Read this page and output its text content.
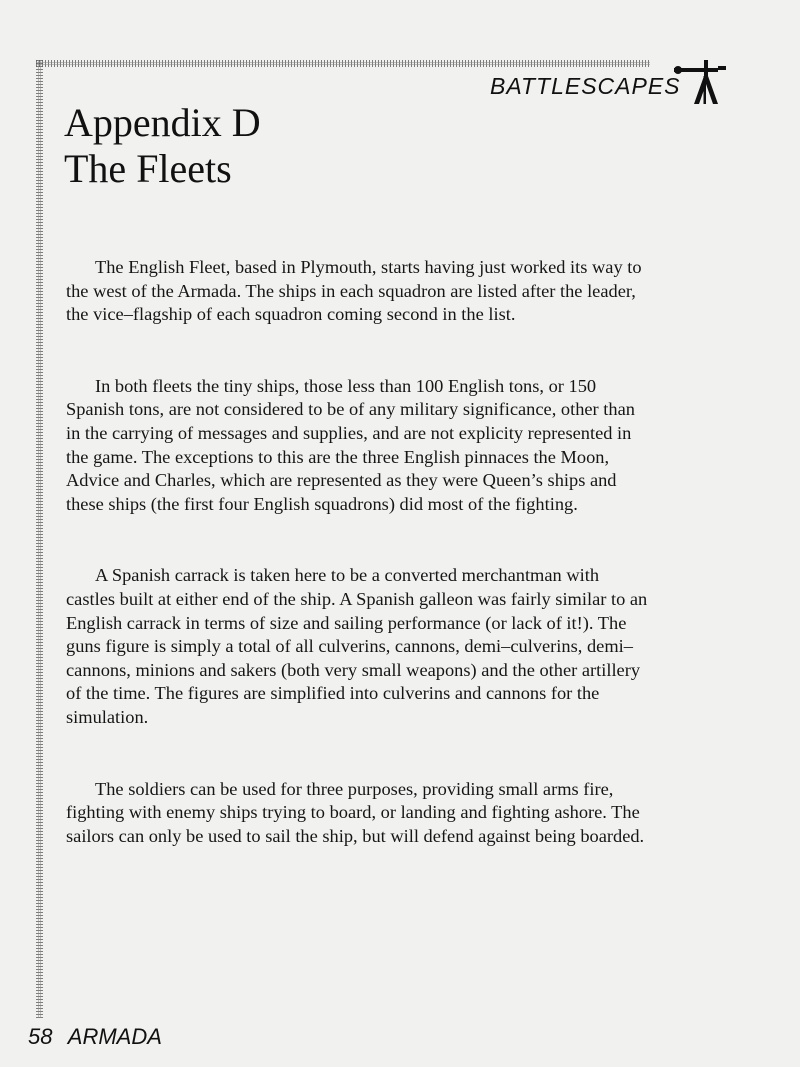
BATTLESCAPES
Appendix D
The Fleets

The English Fleet, based in Plymouth, starts having just worked its way to the west of the Armada. The ships in each squadron are listed after the leader, the vice–flagship of each squadron coming second in the list.

In both fleets the tiny ships, those less than 100 English tons, or 150 Spanish tons, are not considered to be of any military significance, other than in the carrying of messages and supplies, and are not explicity represented in the game. The exceptions to this are the three English pinnaces the Moon, Advice and Charles, which are represented as they were Queen’s ships and these ships (the first four English squadrons) did most of the fighting.

A Spanish carrack is taken here to be a converted merchantman with castles built at either end of the ship. A Spanish galleon was fairly similar to an English carrack in terms of size and sailing performance (or lack of it!). The guns figure is simply a total of all culverins, cannons, demi–culverins, demi–cannons, minions and sakers (both very small weapons) and the other artillery of the time. The figures are simplified into culverins and cannons for the simulation.

The soldiers can be used for three purposes, providing small arms fire, fighting with enemy ships trying to board, or landing and fighting ashore. The sailors can only be used to sail the ship, but will defend against being boarded.

58 ARMADA
